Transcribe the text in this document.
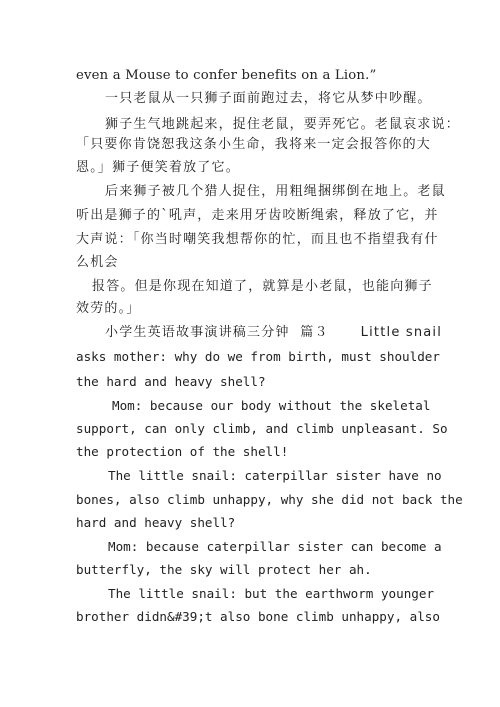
even a Mouse to confer benefits on a Lion.”
一只老鼠从一只狮子面前跑过去，将它从梦中吵醒。
狮子生气地跳起来，捉住老鼠，要弄死它。老鼠哀求说：
「只要你肯饶恕我这条小生命，我将来一定会报答你的大
恩。」狮子便笑着放了它。
后来狮子被几个猎人捉住，用粗绳捆绑倒在地上。老鼠
听出是狮子的`吼声，走来用牙齿咬断绳索，释放了它，并
大声说：「你当时嘲笑我想帮你的忙，而且也不指望我有什
么机会
报答。但是你现在知道了，就算是小老鼠，也能向狮子
效劳的。」
小学生英语故事演讲稿三分钟  篇３      Little snail
asks mother: why do we from birth, must shoulder
the hard and heavy shell?
Mom: because our body without the skeletal
support, can only climb, and climb unpleasant. So
the protection of the shell!
The little snail: caterpillar sister have no
bones, also climb unhappy, why she did not back the
hard and heavy shell?
Mom: because caterpillar sister can become a
butterfly, the sky will protect her ah.
The little snail: but the earthworm younger
brother didn&#39;t also bone climb unhappy, also
